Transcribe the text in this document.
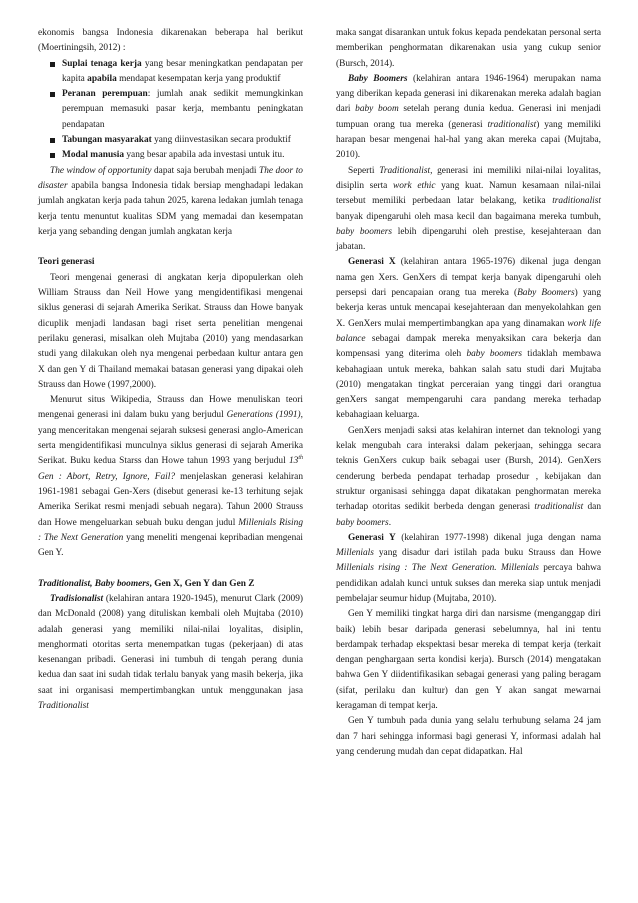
ekonomis bangsa Indonesia dikarenakan beberapa hal berikut (Moertiningsih, 2012) :

Suplai tenaga kerja yang besar meningkatkan pendapatan per kapita apabila mendapat kesempatan kerja yang produktif
Peranan perempuan: jumlah anak sedikit memungkinkan perempuan memasuki pasar kerja, membantu peningkatan pendapatan
Tabungan masyarakat yang diinvestasikan secara produktif
Modal manusia yang besar apabila ada investasi untuk itu.

The window of opportunity dapat saja berubah menjadi The door to disaster apabila bangsa Indonesia tidak bersiap menghadapi ledakan jumlah angkatan kerja pada tahun 2025, karena ledakan jumlah tenaga kerja tentu menuntut kualitas SDM yang memadai dan kesempatan kerja yang sebanding dengan jumlah angkatan kerja

Teori generasi

Teori mengenai generasi di angkatan kerja dipopulerkan oleh William Strauss dan Neil Howe yang mengidentifikasi mengenai siklus generasi di sejarah Amerika Serikat. Strauss dan Howe banyak dicuplik menjadi landasan bagi riset serta penelitian mengenai perilaku generasi, misalkan oleh Mujtaba (2010) yang mendasarkan studi yang dilakukan oleh nya mengenai perbedaan kultur antara gen X dan gen Y di Thailand memakai batasan generasi yang dipakai oleh Strauss dan Howe (1997,2000).

Menurut situs Wikipedia, Strauss dan Howe menuliskan teori mengenai generasi ini dalam buku yang berjudul Generations (1991), yang menceritakan mengenai sejarah suksesi generasi anglo-American serta mengidentifikasi munculnya siklus generasi di sejarah Amerika Serikat. Buku kedua Starss dan Howe tahun 1993 yang berjudul 13th Gen : Abort, Retry, Ignore, Fail? menjelaskan generasi kelahiran 1961-1981 sebagai Gen-Xers (disebut generasi ke-13 terhitung sejak Amerika Serikat resmi menjadi sebuah negara). Tahun 2000 Strauss dan Howe mengeluarkan sebuah buku dengan judul Millenials Rising : The Next Generation yang meneliti mengenai kepribadian mengenai Gen Y.

Traditionalist, Baby boomers, Gen X, Gen Y dan Gen Z

Tradisionalist (kelahiran antara 1920-1945), menurut Clark (2009) dan McDonald (2008) yang dituliskan kembali oleh Mujtaba (2010) adalah generasi yang memiliki nilai-nilai loyalitas, disiplin, menghormati otoritas serta menempatkan tugas (pekerjaan) di atas kesenangan pribadi. Generasi ini tumbuh di tengah perang dunia kedua dan saat ini sudah tidak terlalu banyak yang masih bekerja, jika saat ini organisasi mempertimbangkan untuk menggunakan jasa Traditionalist

maka sangat disarankan untuk fokus kepada pendekatan personal serta memberikan penghormatan dikarenakan usia yang cukup senior (Bursch, 2014).

Baby Boomers (kelahiran antara 1946-1964) merupakan nama yang diberikan kepada generasi ini dikarenakan mereka adalah bagian dari baby boom setelah perang dunia kedua. Generasi ini menjadi tumpuan orang tua mereka (generasi traditionalist) yang memiliki harapan besar mengenai hal-hal yang akan mereka capai (Mujtaba, 2010).

Seperti Traditionalist, generasi ini memiliki nilai-nilai loyalitas, disiplin serta work ethic yang kuat. Namun kesamaan nilai-nilai tersebut memiliki perbedaan latar belakang, ketika traditionalist banyak dipengaruhi oleh masa kecil dan bagaimana mereka tumbuh, baby boomers lebih dipengaruhi oleh prestise, kesejahteraan dan jabatan.

Generasi X (kelahiran antara 1965-1976) dikenal juga dengan nama gen Xers. GenXers di tempat kerja banyak dipengaruhi oleh persepsi dari pencapaian orang tua mereka (Baby Boomers) yang bekerja keras untuk mencapai kesejahteraan dan menyekolahkan gen X. GenXers mulai mempertimbangkan apa yang dinamakan work life balance sebagai dampak mereka menyaksikan cara bekerja dan kompensasi yang diterima oleh baby boomers tidaklah membawa kebahagiaan untuk mereka, bahkan salah satu studi dari Mujtaba (2010) mengatakan tingkat perceraian yang tinggi dari orangtua genXers sangat mempengaruhi cara pandang mereka terhadap kebahagiaan keluarga.

GenXers menjadi saksi atas kelahiran internet dan teknologi yang kelak mengubah cara interaksi dalam pekerjaan, sehingga secara teknis GenXers cukup baik sebagai user (Bursh, 2014). GenXers cenderung berbeda pendapat terhadap prosedur , kebijakan dan struktur organisasi sehingga dapat dikatakan penghormatan mereka terhadap otoritas sedikit berbeda dengan generasi traditionalist dan baby boomers.

Generasi Y (kelahiran 1977-1998) dikenal juga dengan nama Millenials yang disadur dari istilah pada buku Strauss dan Howe Millenials rising : The Next Generation. Millenials percaya bahwa pendidikan adalah kunci untuk sukses dan mereka siap untuk menjadi pembelajar seumur hidup (Mujtaba, 2010).

Gen Y memiliki tingkat harga diri dan narsisme (menganggap diri baik) lebih besar daripada generasi sebelumnya, hal ini tentu berdampak terhadap ekspektasi besar mereka di tempat kerja (terkait dengan penghargaan serta kondisi kerja). Bursch (2014) mengatakan bahwa Gen Y diidentifikasikan sebagai generasi yang paling beragam (sifat, perilaku dan kultur) dan gen Y akan sangat mewarnai keragaman di tempat kerja.

Gen Y tumbuh pada dunia yang selalu terhubung selama 24 jam dan 7 hari sehingga informasi bagi generasi Y, informasi adalah hal yang cenderung mudah dan cepat didapatkan. Hal
